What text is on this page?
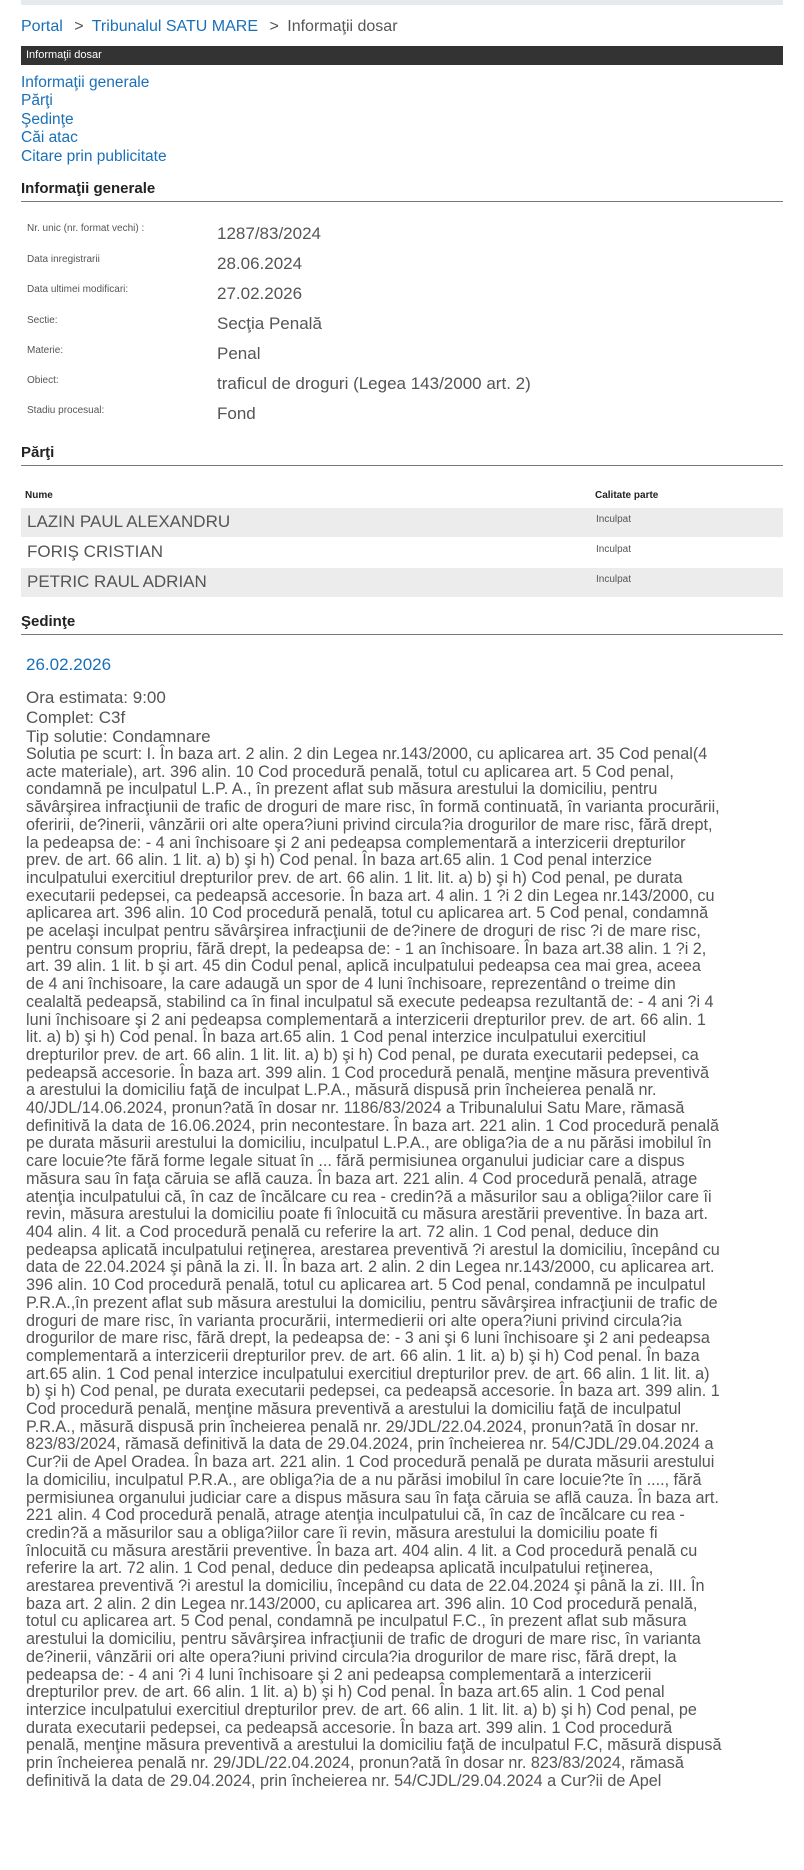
Portal > Tribunalul SATU MARE > Informaţii dosar
Informaţii dosar
Informaţii generale
Părţi
Şedinţe
Căi atac
Citare prin publicitate
Informaţii generale
Nr. unic (nr. format vechi) :	1287/83/2024
Data inregistrarii	28.06.2024
Data ultimei modificari:	27.02.2026
Sectie:	Secţia Penală
Materie:	Penal
Obiect:	traficul de droguri (Legea 143/2000 art. 2)
Stadiu procesual:	Fond
Părţi
Nume	Calitate parte
LAZIN PAUL ALEXANDRU	Inculpat
FORIŞ CRISTIAN	Inculpat
PETRIC RAUL ADRIAN	Inculpat
Şedinţe
26.02.2026
Ora estimata: 9:00
Complet: C3f
Tip solutie: Condamnare
Solutia pe scurt: I. În baza art. 2 alin. 2 din Legea nr.143/2000, cu aplicarea art. 35 Cod penal(4
acte materiale), art. 396 alin. 10 Cod procedură penală, totul cu aplicarea art. 5 Cod penal,
condamnă pe inculpatul L.P. A., în prezent aflat sub măsura arestului la domiciliu, pentru
săvârşirea infracţiunii de trafic de droguri de mare risc, în formă continuată, în varianta procurării,
oferirii, de?inerii, vânzării ori alte opera?iuni privind circula?ia drogurilor de mare risc, fără drept,
la pedeapsa de: - 4 ani închisoare şi 2 ani pedeapsa complementară a interzicerii drepturilor
prev. de art. 66 alin. 1 lit. a) b) şi h) Cod penal. În baza art.65 alin. 1 Cod penal interzice
inculpatului exercitiul drepturilor prev. de art. 66 alin. 1 lit. lit. a) b) şi h) Cod penal, pe durata
executarii pedepsei, ca pedeapsă accesorie. În baza art. 4 alin. 1 ?i 2 din Legea nr.143/2000, cu
aplicarea art. 396 alin. 10 Cod procedură penală, totul cu aplicarea art. 5 Cod penal, condamnă
pe acelaşi inculpat pentru săvârşirea infracţiunii de de?inere de droguri de risc ?i de mare risc,
pentru consum propriu, fără drept, la pedeapsa de: - 1 an închisoare. În baza art.38 alin. 1 ?i 2,
art. 39 alin. 1 lit. b şi art. 45 din Codul penal, aplică inculpatului pedeapsa cea mai grea, aceea
de 4 ani închisoare, la care adaugă un spor de 4 luni închisoare, reprezentând o treime din
cealaltă pedeapsă, stabilind ca în final inculpatul să execute pedeapsa rezultantă de: - 4 ani ?i 4
luni închisoare şi 2 ani pedeapsa complementară a interzicerii drepturilor prev. de art. 66 alin. 1
lit. a) b) şi h) Cod penal. În baza art.65 alin. 1 Cod penal interzice inculpatului exercitiul
drepturilor prev. de art. 66 alin. 1 lit. lit. a) b) şi h) Cod penal, pe durata executarii pedepsei, ca
pedeapsă accesorie. În baza art. 399 alin. 1 Cod procedură penală, menţine măsura preventivă
a arestului la domiciliu faţă de inculpat L.P.A., măsură dispusă prin încheierea penală nr.
40/JDL/14.06.2024, pronun?ată în dosar nr. 1186/83/2024 a Tribunalului Satu Mare, rămasă
definitivă la data de 16.06.2024, prin necontestare. În baza art. 221 alin. 1 Cod procedură penală
pe durata măsurii arestului la domiciliu, inculpatul L.P.A., are obliga?ia de a nu părăsi imobilul în
care locuie?te fără forme legale situat în ... fără permisiunea organului judiciar care a dispus
măsura sau în faţa căruia se află cauza. În baza art. 221 alin. 4 Cod procedură penală, atrage
atenţia inculpatului că, în caz de încălcare cu rea - credin?ă a măsurilor sau a obliga?iilor care îi
revin, măsura arestului la domiciliu poate fi înlocuită cu măsura arestării preventive. În baza art.
404 alin. 4 lit. a Cod procedură penală cu referire la art. 72 alin. 1 Cod penal, deduce din
pedeapsa aplicată inculpatului reţinerea, arestarea preventivă ?i arestul la domiciliu, începând cu
data de 22.04.2024 şi până la zi. II. În baza art. 2 alin. 2 din Legea nr.143/2000, cu aplicarea art.
396 alin. 10 Cod procedură penală, totul cu aplicarea art. 5 Cod penal, condamnă pe inculpatul
P.R.A.,în prezent aflat sub măsura arestului la domiciliu, pentru săvârşirea infracţiunii de trafic de
droguri de mare risc, în varianta procurării, intermedierii ori alte opera?iuni privind circula?ia
drogurilor de mare risc, fără drept, la pedeapsa de: - 3 ani şi 6 luni închisoare şi 2 ani pedeapsa
complementară a interzicerii drepturilor prev. de art. 66 alin. 1 lit. a) b) şi h) Cod penal. În baza
art.65 alin. 1 Cod penal interzice inculpatului exercitiul drepturilor prev. de art. 66 alin. 1 lit. lit. a)
b) şi h) Cod penal, pe durata executarii pedepsei, ca pedeapsă accesorie. În baza art. 399 alin. 1
Cod procedură penală, menţine măsura preventivă a arestului la domiciliu faţă de inculpatul
P.R.A., măsură dispusă prin încheierea penală nr. 29/JDL/22.04.2024, pronun?ată în dosar nr.
823/83/2024, rămasă definitivă la data de 29.04.2024, prin încheierea nr. 54/CJDL/29.04.2024 a
Cur?ii de Apel Oradea. În baza art. 221 alin. 1 Cod procedură penală pe durata măsurii arestului
la domiciliu, inculpatul P.R.A., are obliga?ia de a nu părăsi imobilul în care locuie?te în ...., fără
permisiunea organului judiciar care a dispus măsura sau în faţa căruia se află cauza. În baza art.
221 alin. 4 Cod procedură penală, atrage atenţia inculpatului că, în caz de încălcare cu rea -
credin?ă a măsurilor sau a obliga?iilor care îi revin, măsura arestului la domiciliu poate fi
înlocuită cu măsura arestării preventive. În baza art. 404 alin. 4 lit. a Cod procedură penală cu
referire la art. 72 alin. 1 Cod penal, deduce din pedeapsa aplicată inculpatului reţinerea,
arestarea preventivă ?i arestul la domiciliu, începând cu data de 22.04.2024 şi până la zi. III. În
baza art. 2 alin. 2 din Legea nr.143/2000, cu aplicarea art. 396 alin. 10 Cod procedură penală,
totul cu aplicarea art. 5 Cod penal, condamnă pe inculpatul F.C., în prezent aflat sub măsura
arestului la domiciliu, pentru săvârşirea infracţiunii de trafic de droguri de mare risc, în varianta
de?inerii, vânzării ori alte opera?iuni privind circula?ia drogurilor de mare risc, fără drept, la
pedeapsa de: - 4 ani ?i 4 luni închisoare şi 2 ani pedeapsa complementară a interzicerii
drepturilor prev. de art. 66 alin. 1 lit. a) b) şi h) Cod penal. În baza art.65 alin. 1 Cod penal
interzice inculpatului exercitiul drepturilor prev. de art. 66 alin. 1 lit. lit. a) b) şi h) Cod penal, pe
durata executarii pedepsei, ca pedeapsă accesorie. În baza art. 399 alin. 1 Cod procedură
penală, menţine măsura preventivă a arestului la domiciliu faţă de inculpatul F.C, măsură dispusă
prin încheierea penală nr. 29/JDL/22.04.2024, pronun?ată în dosar nr. 823/83/2024, rămasă
definitivă la data de 29.04.2024, prin încheierea nr. 54/CJDL/29.04.2024 a Cur?ii de Apel
